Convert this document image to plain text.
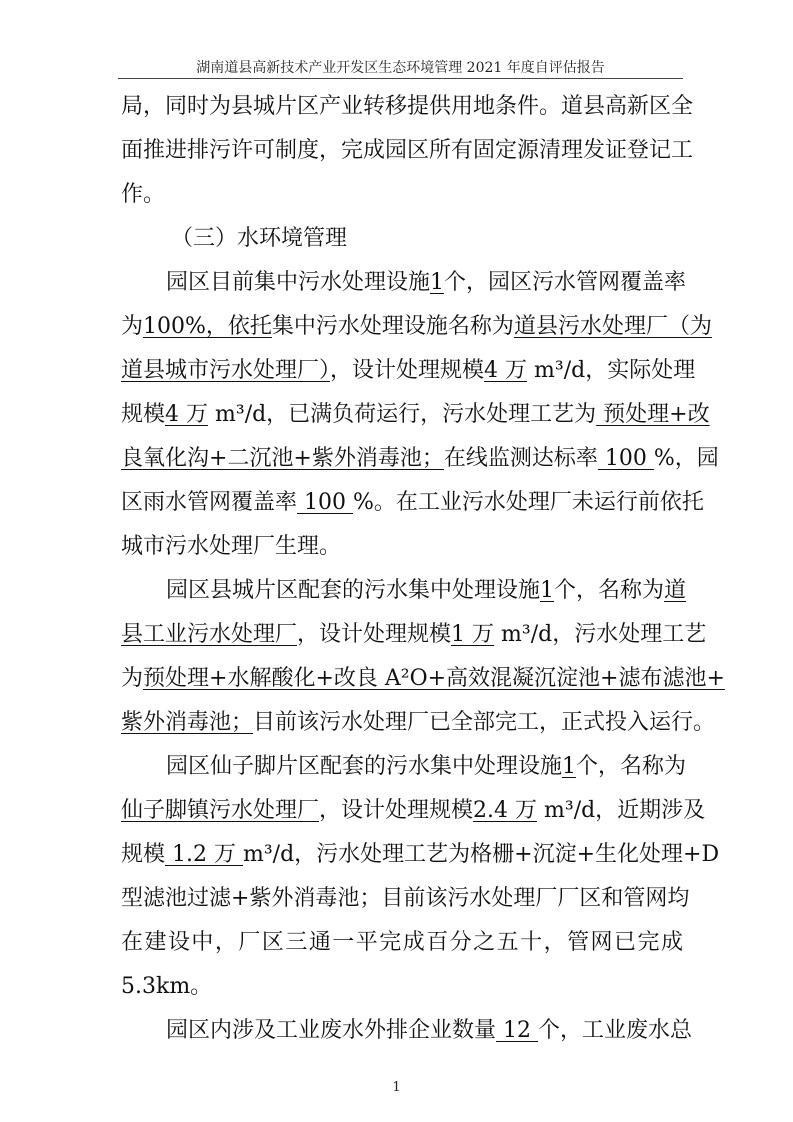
湖南道县高新技术产业开发区生态环境管理 2021 年度自评估报告
局，同时为县城片区产业转移提供用地条件。道县高新区全
面推进排污许可制度，完成园区所有固定源清理发证登记工
作。
（三）水环境管理
园区目前集中污水处理设施1个，园区污水管网覆盖率
为100%，依托集中污水处理设施名称为道县污水处理厂（为
道县城市污水处理厂），设计处理规模4 万 m³/d，实际处理
规模4 万 m³/d，已满负荷运行，污水处理工艺为 预处理+改
良氧化沟+二沉池+紫外消毒池；在线监测达标率 100 %，园
区雨水管网覆盖率 100 %。在工业污水处理厂未运行前依托
城市污水处理厂生理。
园区县城片区配套的污水集中处理设施1个，名称为道
县工业污水处理厂，设计处理规模1 万 m³/d，污水处理工艺
为预处理+水解酸化+改良 A²O+高效混凝沉淀池+滤布滤池+
紫外消毒池；目前该污水处理厂已全部完工，正式投入运行。
园区仙子脚片区配套的污水集中处理设施1个，名称为
仙子脚镇污水处理厂，设计处理规模2.4 万 m³/d，近期涉及
规模 1.2 万 m³/d，污水处理工艺为格栅+沉淀+生化处理+D
型滤池过滤+紫外消毒池；目前该污水处理厂厂区和管网均
在建设中，厂区三通一平完成百分之五十，管网已完成
5.3km。
园区内涉及工业废水外排企业数量 12 个，工业废水总
1
